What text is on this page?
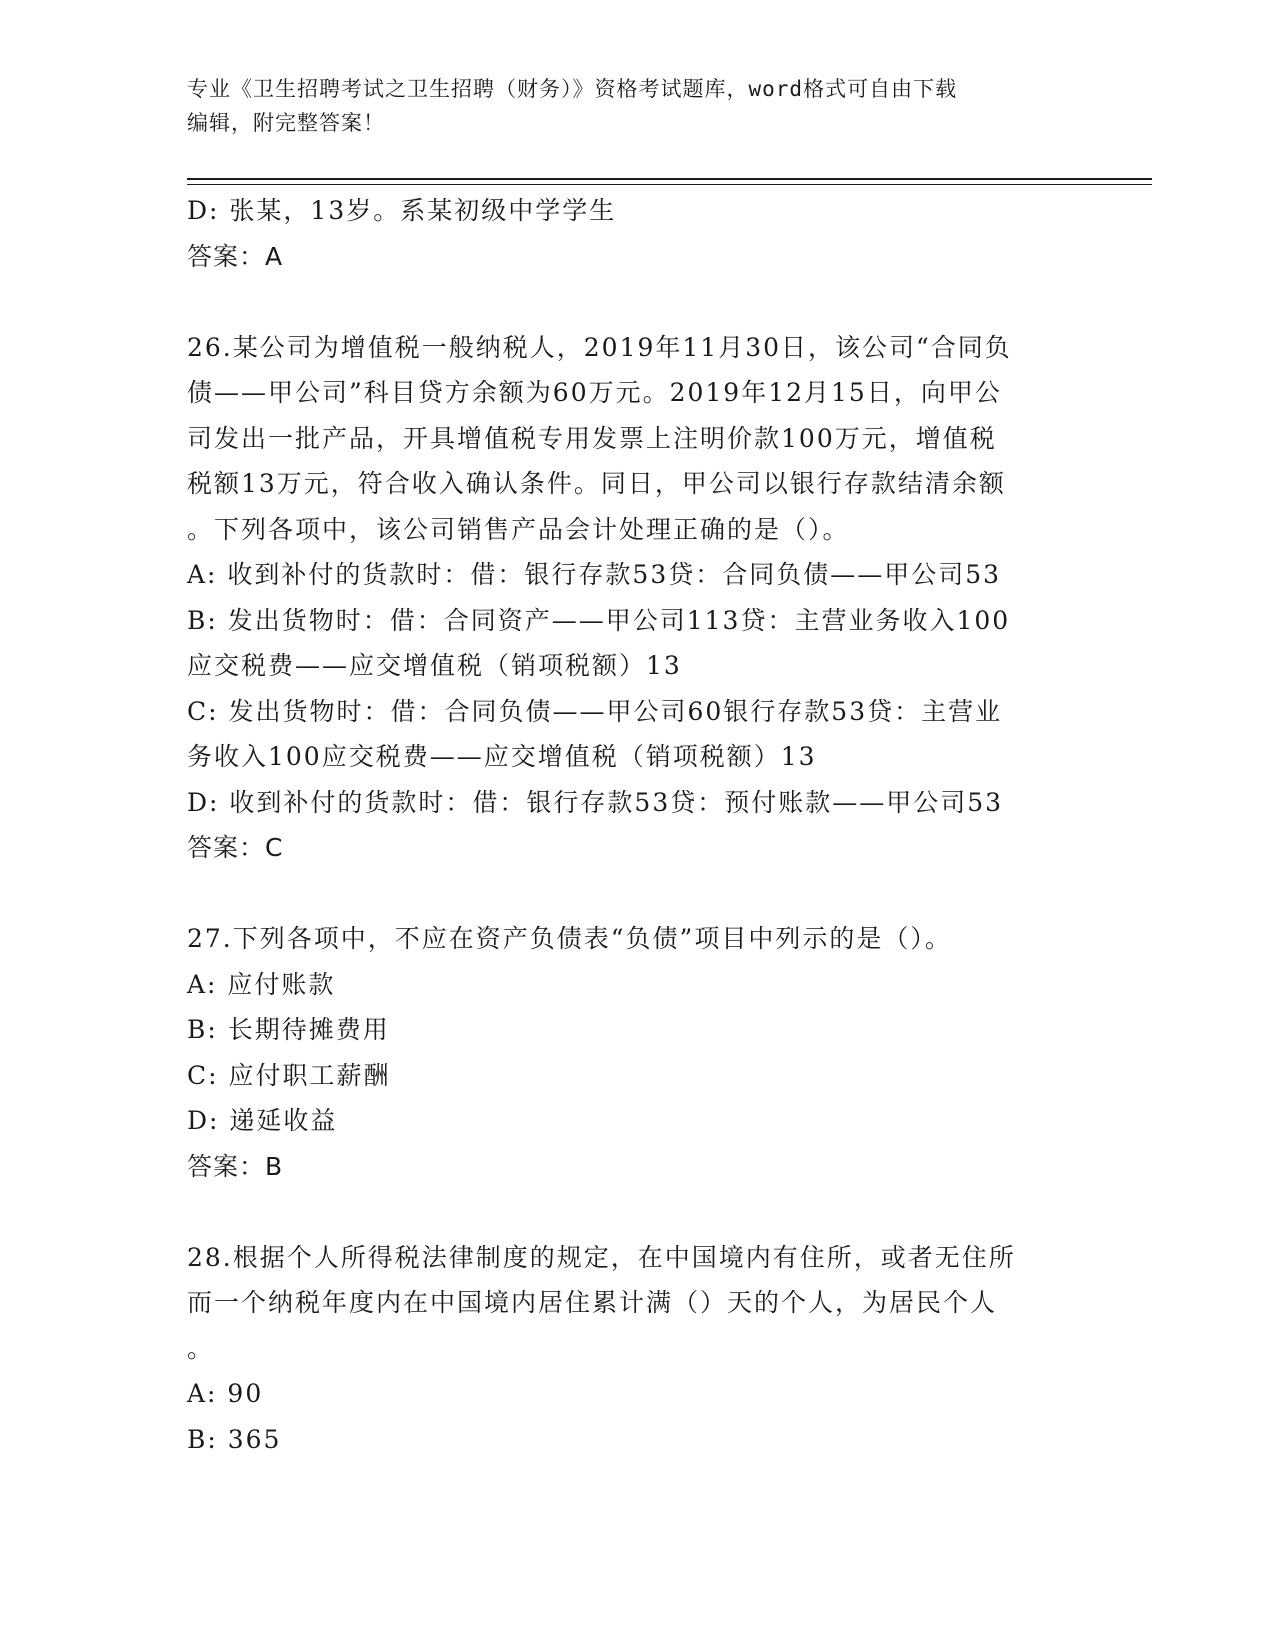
专业《卫生招聘考试之卫生招聘（财务）》资格考试题库，word格式可自由下载
编辑，附完整答案！
D: 张某，13岁。系某初级中学学生
答案：A
26.某公司为增值税一般纳税人，2019年11月30日，该公司“合同负
债——甲公司”科目贷方余额为60万元。2019年12月15日，向甲公
司发出一批产品，开具增值税专用发票上注明价款100万元，增值税
税额13万元，符合收入确认条件。同日，甲公司以银行存款结清余额
。下列各项中，该公司销售产品会计处理正确的是（）。
A: 收到补付的货款时：借：银行存款53贷：合同负债——甲公司53
B: 发出货物时：借：合同资产——甲公司113贷：主营业务收入100
应交税费——应交增值税（销项税额）13
C: 发出货物时：借：合同负债——甲公司60银行存款53贷：主营业
务收入100应交税费——应交增值税（销项税额）13
D: 收到补付的货款时：借：银行存款53贷：预付账款——甲公司53
答案：C
27.下列各项中，不应在资产负债表“负债”项目中列示的是（）。
A: 应付账款
B: 长期待摊费用
C: 应付职工薪酬
D: 递延收益
答案：B
28.根据个人所得税法律制度的规定，在中国境内有住所，或者无住所
而一个纳税年度内在中国境内居住累计满（）天的个人，为居民个人
。
A: 90
B: 365
